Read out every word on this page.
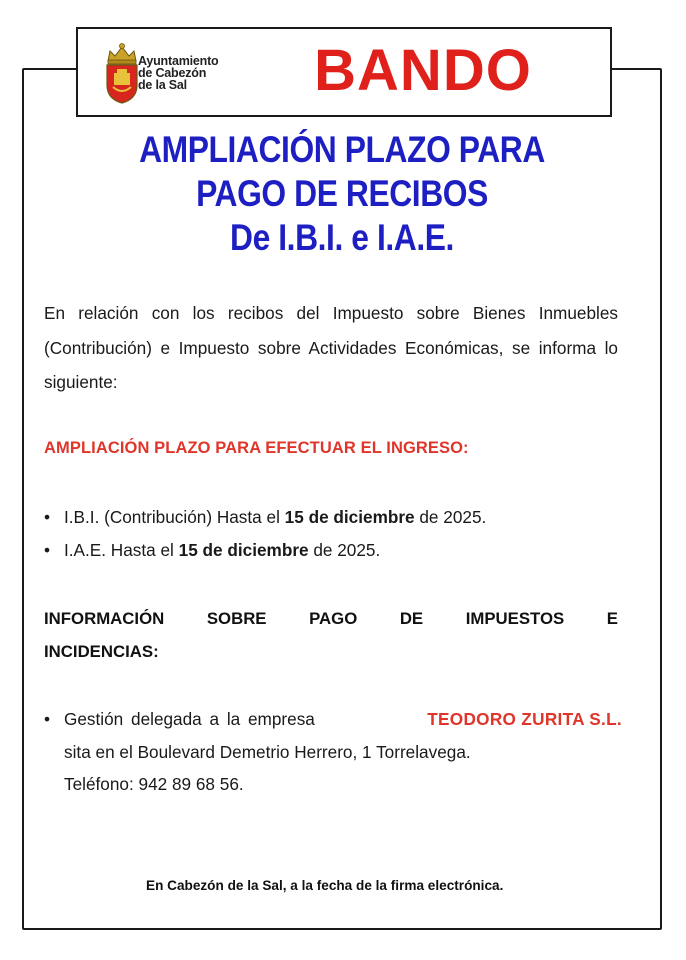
Ayuntamiento
de Cabezón
de la Sal	BANDO
AMPLIACIÓN PLAZO PARA
PAGO DE RECIBOS
De I.B.I. e I.A.E.
En relación con los recibos del Impuesto sobre Bienes Inmuebles (Contribución) e Impuesto sobre Actividades Económicas, se informa lo siguiente:
AMPLIACIÓN PLAZO PARA EFECTUAR EL INGRESO:
• I.B.I. (Contribución) Hasta el 15 de diciembre de 2025.
• I.A.E. Hasta el 15 de diciembre de 2025.
INFORMACIÓN	SOBRE	PAGO	DE	IMPUESTOS	E
INCIDENCIAS:
• Gestión delegada a la empresa	TEODORO ZURITA S.L.
sita en el Boulevard Demetrio Herrero, 1 Torrelavega.
Teléfono: 942 89 68 56.
En Cabezón de la Sal, a la fecha de la firma electrónica.
